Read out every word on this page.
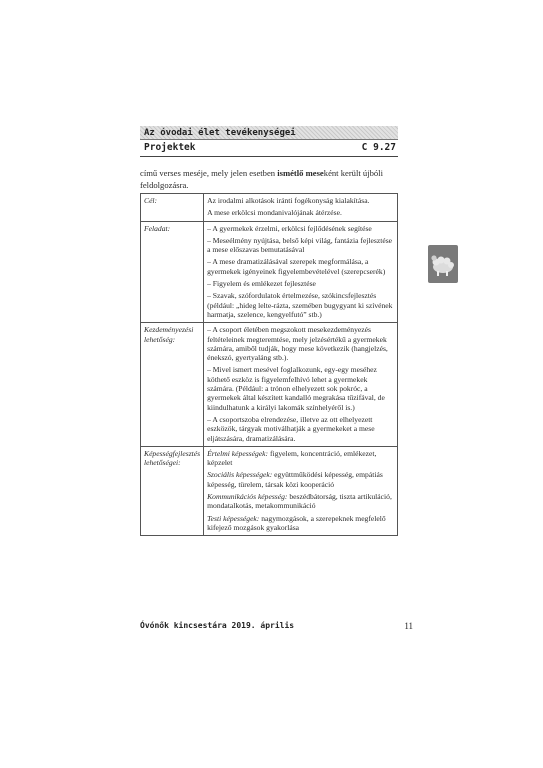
Az óvodai élet tevékenységei
Projektek	C 9.27
című verses meséje, mely jelen esetben ismétlő meseként került újbóli feldolgozásra.
Cél:	Az irodalmi alkotások iránti fogékonyság kialakítása.

A mese erkölcsi mondanivalójának átérzése.

Feladat:	– A gyermekek érzelmi, erkölcsi fejlődésének segítése

– Meseélmény nyújtása, belső képi világ, fantázia fejlesztése a mese előszavas bemutatásával

– A mese dramatizálásával szerepek megformálása, a gyermekek igényeinek figyelembevételével (szerepcserék)

– Figyelem és emlékezet fejlesztése

– Szavak, szófordulatok értelmezése, szókincsfejlesztés (például: „hideg lelte-rázta, szemében bugygyant ki szívének harmatja, szelence, kengyelfutó” stb.)

Kezdeményezési lehetőség:	– A csoport életében megszokott mesekezdeményezés feltételeinek megteremtése, mely jelzésértékű a gyermekek számára, amiből tudják, hogy mese következik (hangjelzés, énekszó, gyertyaláng stb.).

– Mivel ismert mesével foglalkozunk, egy-egy meséhez köthető eszköz is figyelemfelhívó lehet a gyermekek számára. (Például: a trónon elhelyezett sok pokróc, a gyermekek által készített kandalló megrakása tűzifával, de kiindulhatunk a királyi lakomák színhelyéről is.)

– A csoportszoba elrendezése, illetve az ott elhelyezett eszközök, tárgyak motiválhatják a gyermekeket a mese eljátszására, dramatizálására.

Képességfejlesztés lehetőségei:	Értelmi képességek: figyelem, koncentráció, emlékezet, képzelet

Szociális képességek: együttműködési képesség, empátiás képesség, türelem, társak közi kooperáció

Kommunikációs képesség: beszédbátorság, tiszta artikuláció, mondatalkotás, metakommunikáció

Testi képességek: nagymozgások, a szerepeknek megfelelő kifejező mozgások gyakorlása

Óvónők kincsestára 2019. április	11
